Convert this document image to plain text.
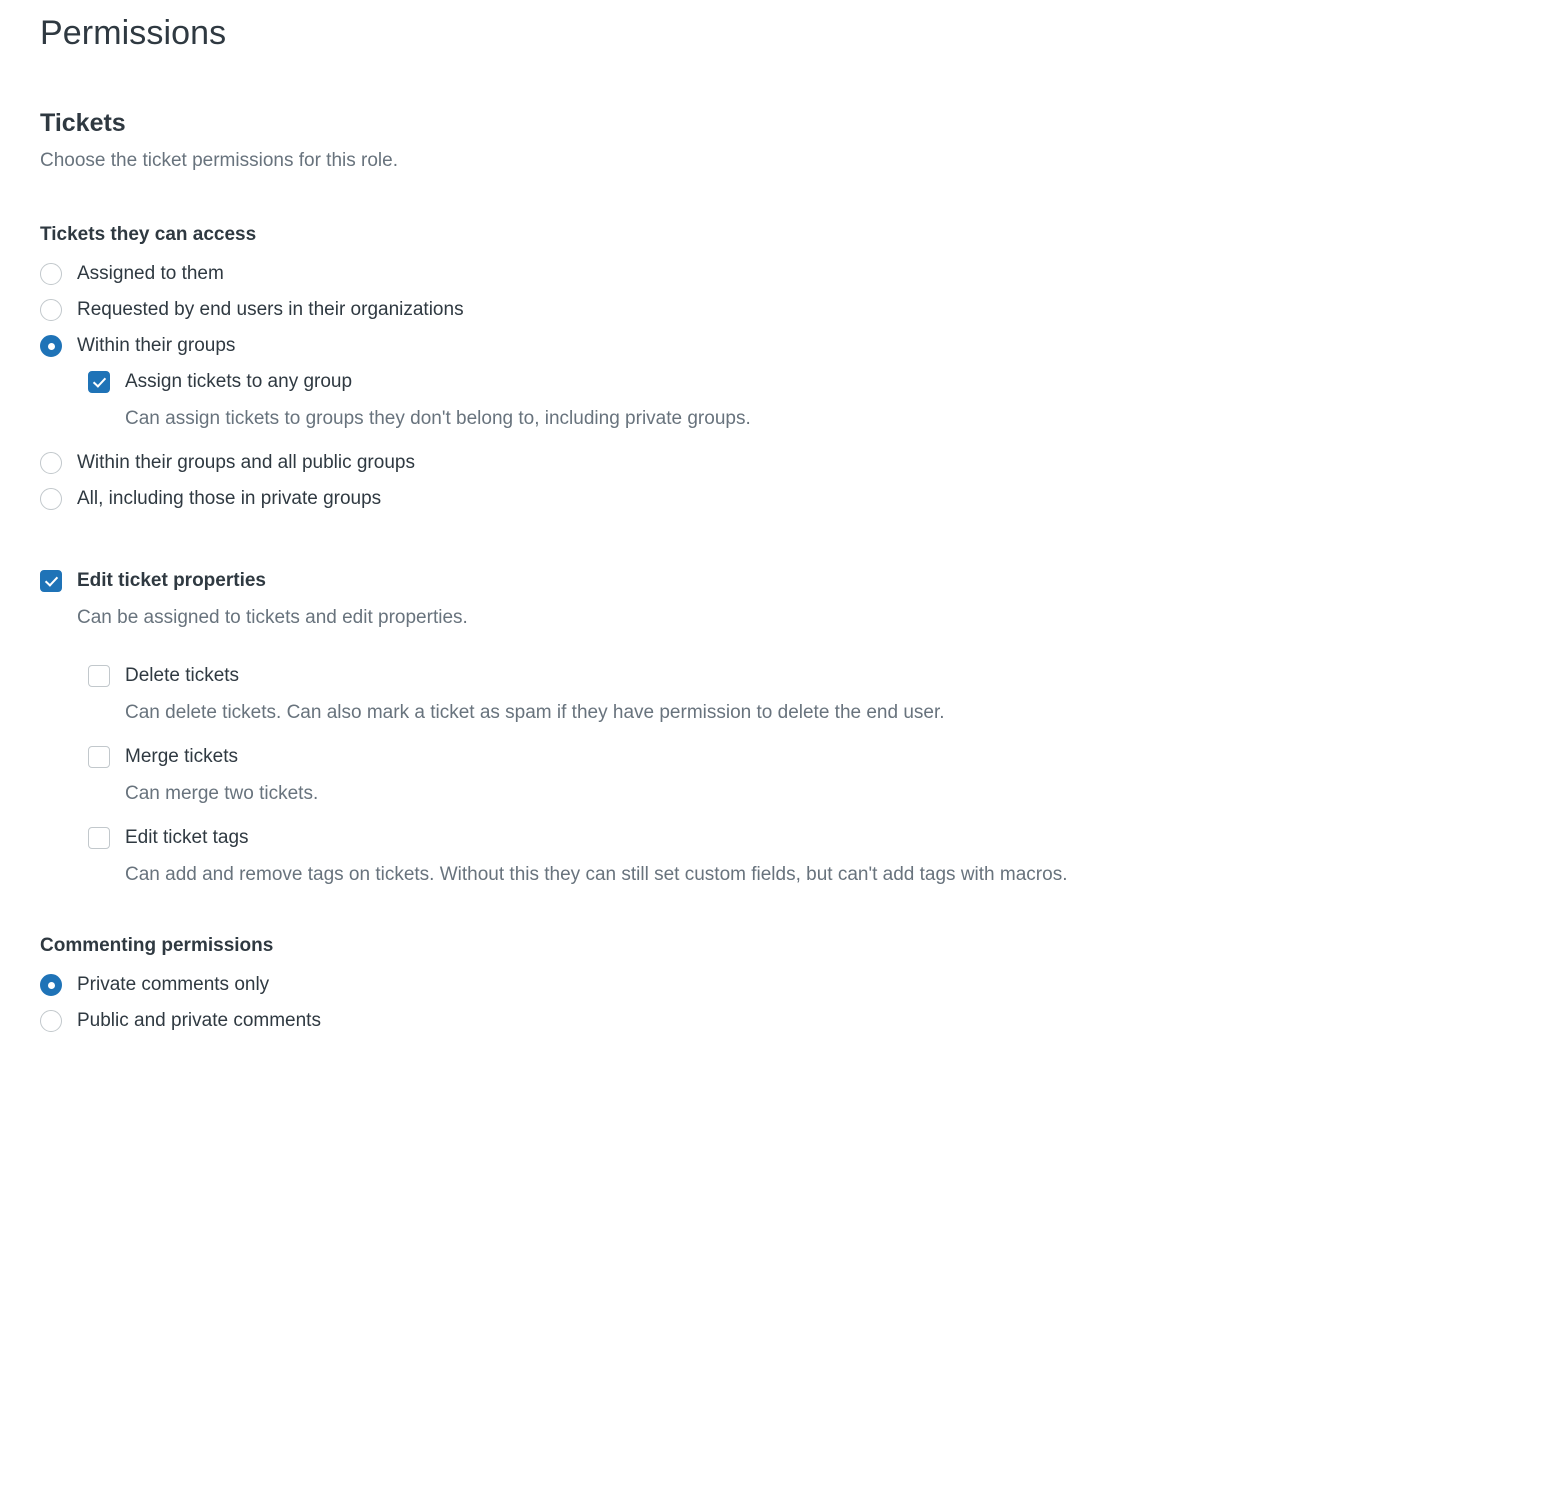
Permissions
Tickets

Choose the ticket permissions for this role.

Tickets they can access
Assigned to them
Requested by end users in their organizations
Within their groups
Assign tickets to any group
Can assign tickets to groups they don't belong to, including private groups.
Within their groups and all public groups
All, including those in private groups
Edit ticket properties
Can be assigned to tickets and edit properties.
Delete tickets
Can delete tickets. Can also mark a ticket as spam if they have permission to delete the end user.
Merge tickets
Can merge two tickets.
Edit ticket tags
Can add and remove tags on tickets. Without this they can still set custom fields, but can't add tags with macros.
Commenting permissions
Private comments only
Public and private comments
